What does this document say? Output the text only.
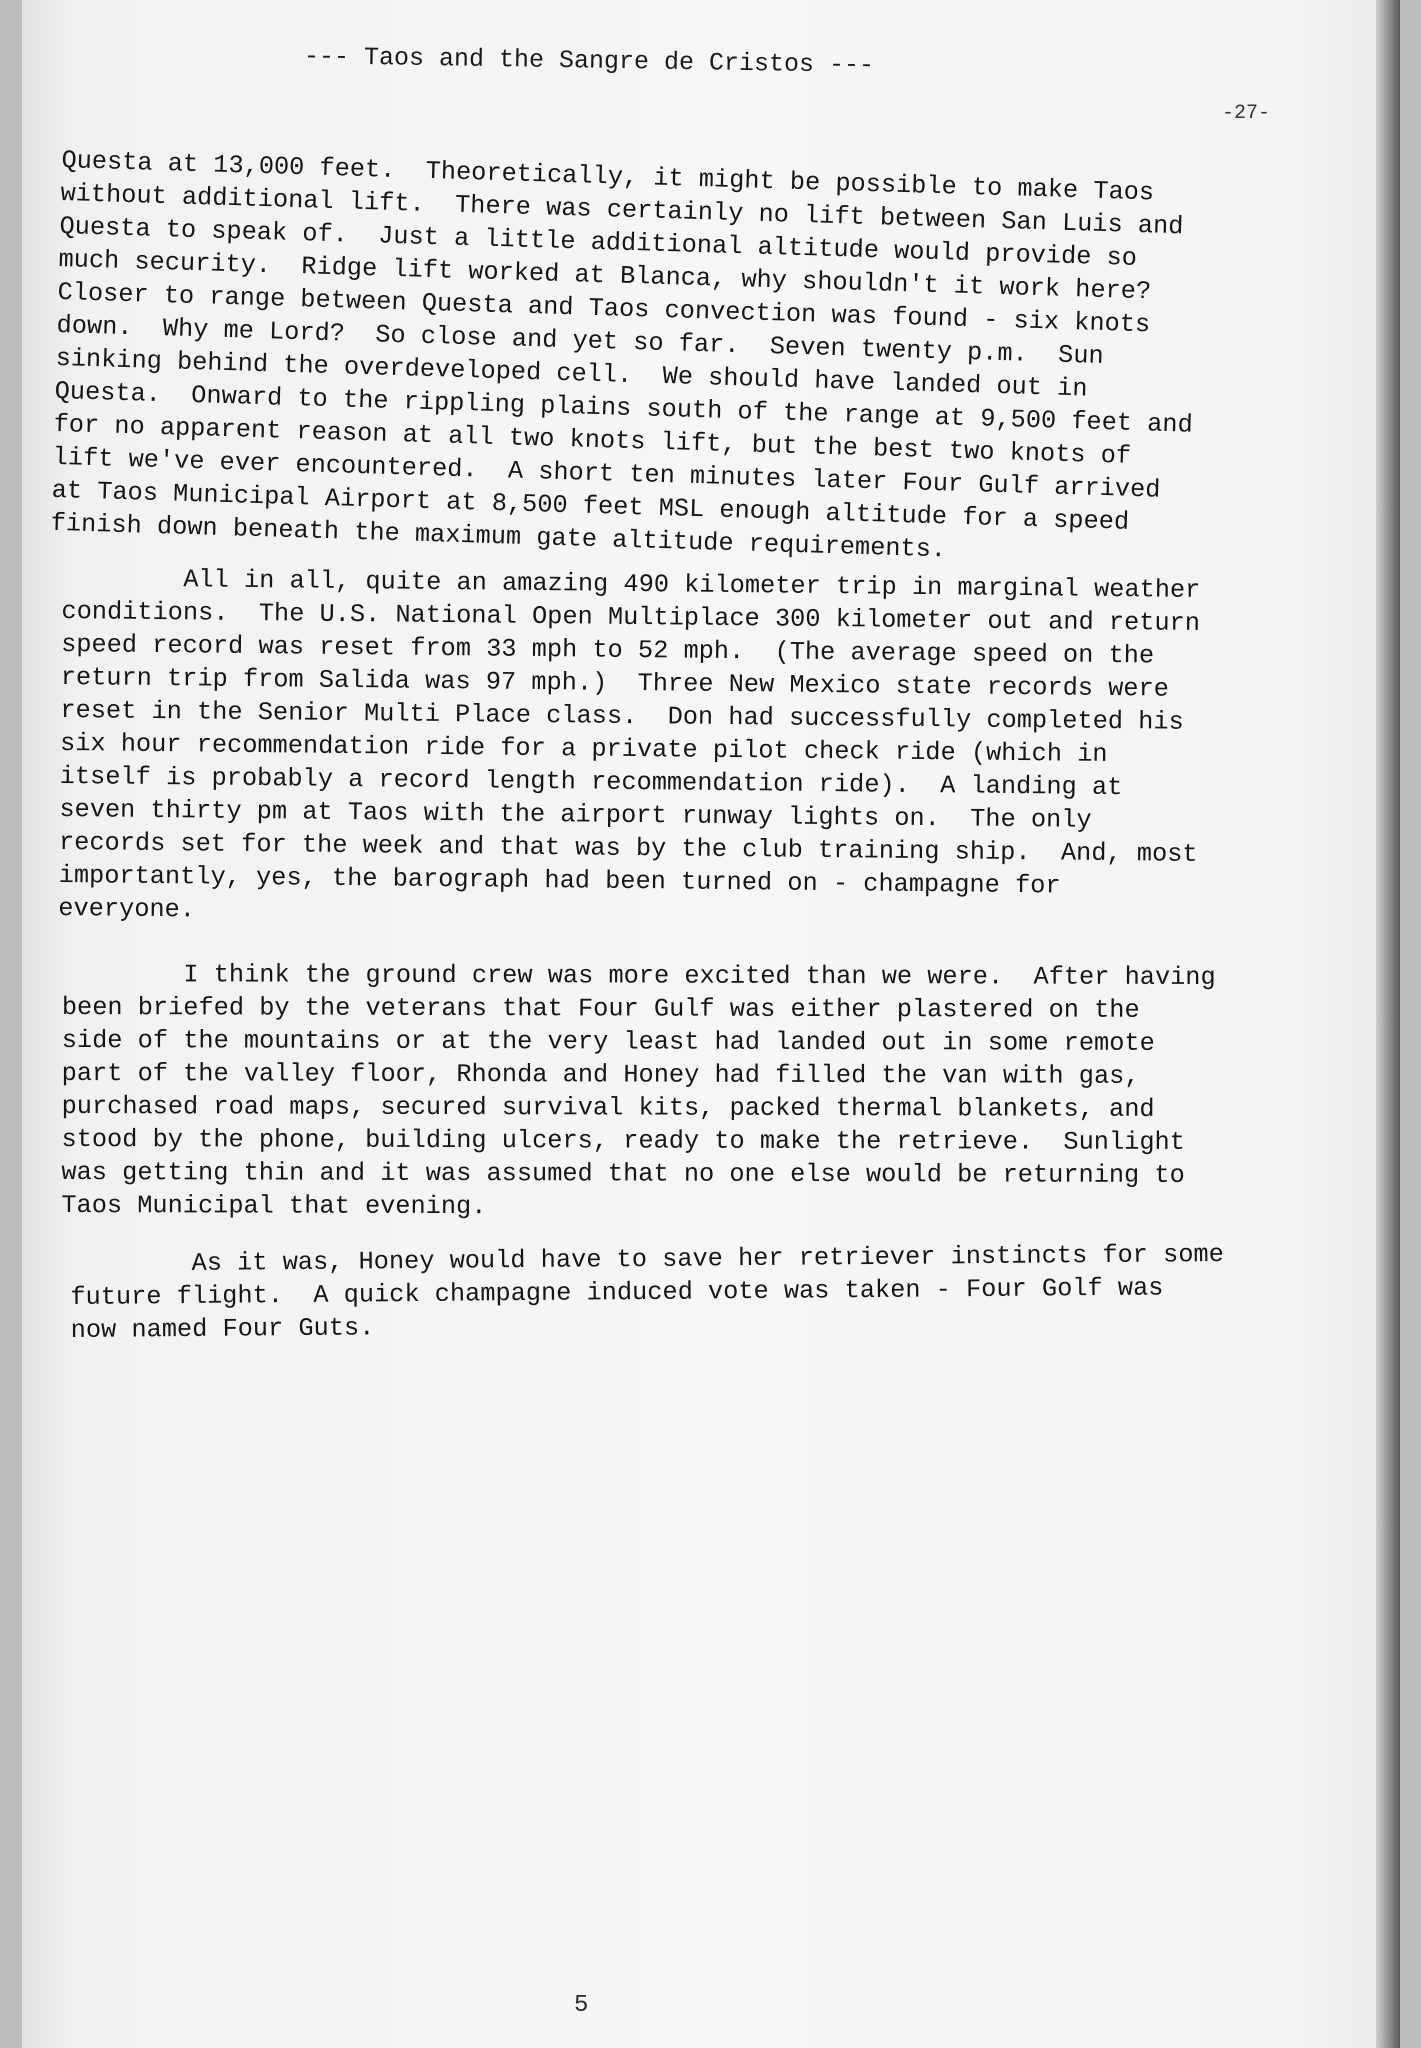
--- Taos and the Sangre de Cristos ---
-27-

Questa at 13,000 feet.  Theoretically, it might be possible to make Taos
without additional lift.  There was certainly no lift between San Luis and
Questa to speak of.  Just a little additional altitude would provide so
much security.  Ridge lift worked at Blanca, why shouldn't it work here?
Closer to range between Questa and Taos convection was found - six knots
down.  Why me Lord?  So close and yet so far.  Seven twenty p.m.  Sun
sinking behind the overdeveloped cell.  We should have landed out in
Questa.  Onward to the rippling plains south of the range at 9,500 feet and
for no apparent reason at all two knots lift, but the best two knots of
lift we've ever encountered.  A short ten minutes later Four Gulf arrived
at Taos Municipal Airport at 8,500 feet MSL enough altitude for a speed
finish down beneath the maximum gate altitude requirements.

All in all, quite an amazing 490 kilometer trip in marginal weather
conditions.  The U.S. National Open Multiplace 300 kilometer out and return
speed record was reset from 33 mph to 52 mph.  (The average speed on the
return trip from Salida was 97 mph.)  Three New Mexico state records were
reset in the Senior Multi Place class.  Don had successfully completed his
six hour recommendation ride for a private pilot check ride (which in
itself is probably a record length recommendation ride).  A landing at
seven thirty pm at Taos with the airport runway lights on.  The only
records set for the week and that was by the club training ship.  And, most
importantly, yes, the barograph had been turned on - champagne for
everyone.

I think the ground crew was more excited than we were.  After having
been briefed by the veterans that Four Gulf was either plastered on the
side of the mountains or at the very least had landed out in some remote
part of the valley floor, Rhonda and Honey had filled the van with gas,
purchased road maps, secured survival kits, packed thermal blankets, and
stood by the phone, building ulcers, ready to make the retrieve.  Sunlight
was getting thin and it was assumed that no one else would be returning to
Taos Municipal that evening.

As it was, Honey would have to save her retriever instincts for some
future flight.  A quick champagne induced vote was taken - Four Golf was
now named Four Guts.

5
